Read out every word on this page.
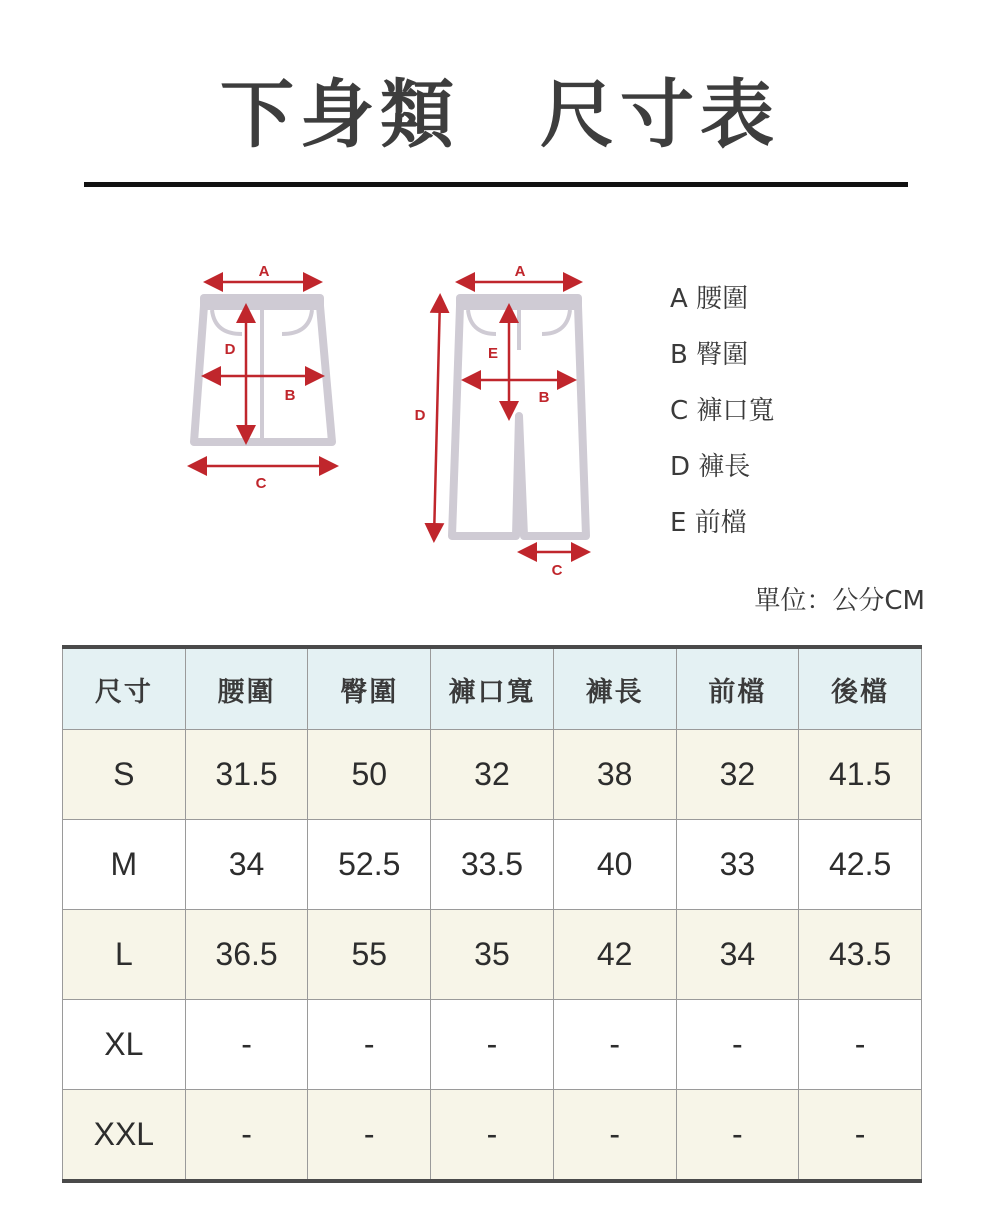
下身類　尺寸表
A
B
C
D
A
B
C
D
E
A 腰圍
B 臀圍
C 褲口寬
D 褲長
E 前檔
單位：公分CM
尺寸	腰圍	臀圍	褲口寬	褲長	前檔	後檔
S	31.5	50	32	38	32	41.5
M	34	52.5	33.5	40	33	42.5
L	36.5	55	35	42	34	43.5
XL	-	-	-	-	-	-
XXL	-	-	-	-	-	-
